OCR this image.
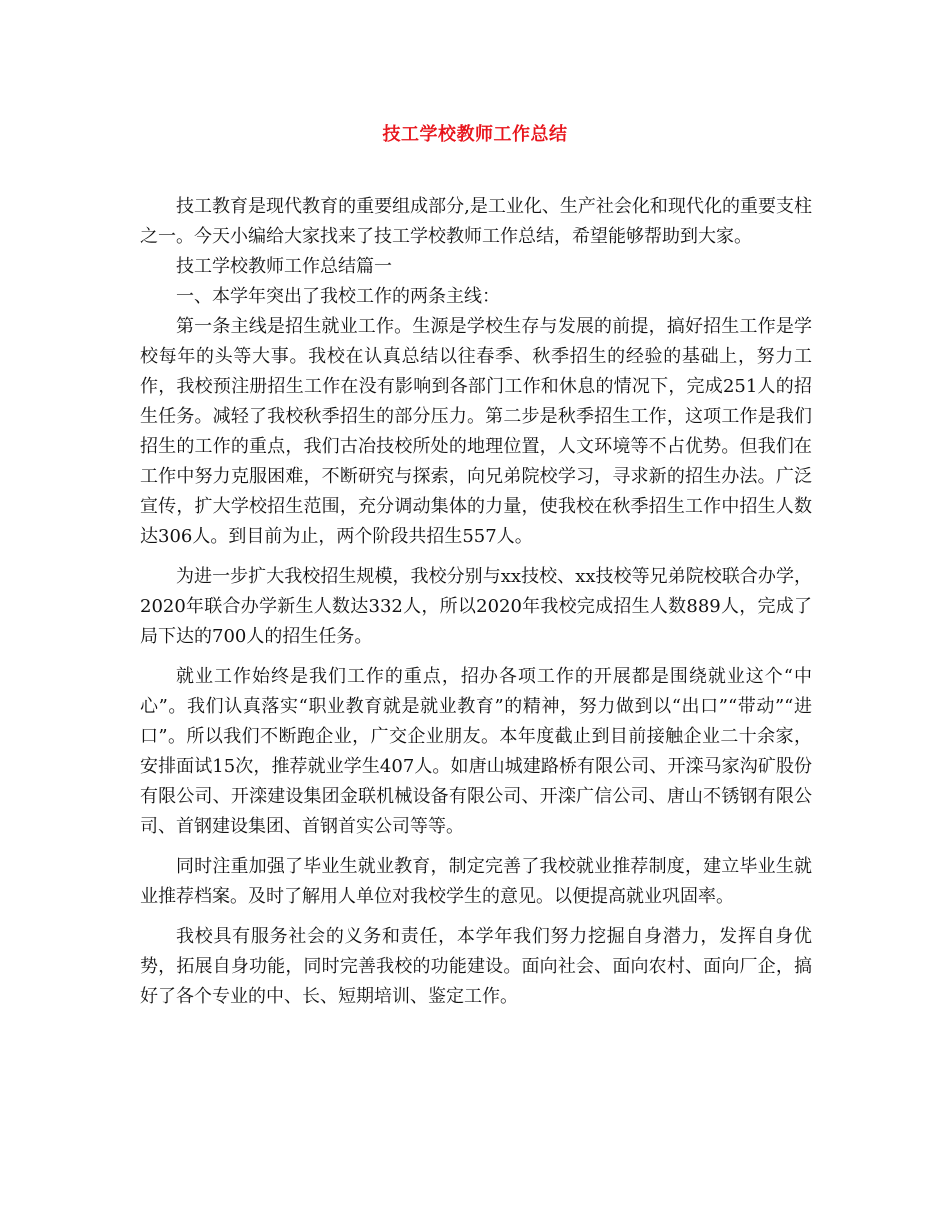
技工学校教师工作总结

技工教育是现代教育的重要组成部分,是工业化、生产社会化和现代化的重要支柱之一。今天小编给大家找来了技工学校教师工作总结，希望能够帮助到大家。

技工学校教师工作总结篇一

一、本学年突出了我校工作的两条主线：

第一条主线是招生就业工作。生源是学校生存与发展的前提，搞好招生工作是学校每年的头等大事。我校在认真总结以往春季、秋季招生的经验的基础上，努力工作，我校预注册招生工作在没有影响到各部门工作和休息的情况下，完成251人的招生任务。减轻了我校秋季招生的部分压力。第二步是秋季招生工作，这项工作是我们招生的工作的重点，我们古冶技校所处的地理位置，人文环境等不占优势。但我们在工作中努力克服困难，不断研究与探索，向兄弟院校学习，寻求新的招生办法。广泛宣传，扩大学校招生范围，充分调动集体的力量，使我校在秋季招生工作中招生人数达306人。到目前为止，两个阶段共招生557人。

为进一步扩大我校招生规模，我校分别与xx技校、xx技校等兄弟院校联合办学，2020年联合办学新生人数达332人，所以2020年我校完成招生人数889人，完成了局下达的700人的招生任务。

就业工作始终是我们工作的重点，招办各项工作的开展都是围绕就业这个“中心”。我们认真落实“职业教育就是就业教育”的精神，努力做到以“出口”“带动”“进口”。所以我们不断跑企业，广交企业朋友。本年度截止到目前接触企业二十余家，安排面试15次，推荐就业学生407人。如唐山城建路桥有限公司、开滦马家沟矿股份有限公司、开滦建设集团金联机械设备有限公司、开滦广信公司、唐山不锈钢有限公司、首钢建设集团、首钢首实公司等等。

同时注重加强了毕业生就业教育，制定完善了我校就业推荐制度，建立毕业生就业推荐档案。及时了解用人单位对我校学生的意见。以便提高就业巩固率。

我校具有服务社会的义务和责任，本学年我们努力挖掘自身潜力，发挥自身优势，拓展自身功能，同时完善我校的功能建设。面向社会、面向农村、面向厂企，搞好了各个专业的中、长、短期培训、鉴定工作。
